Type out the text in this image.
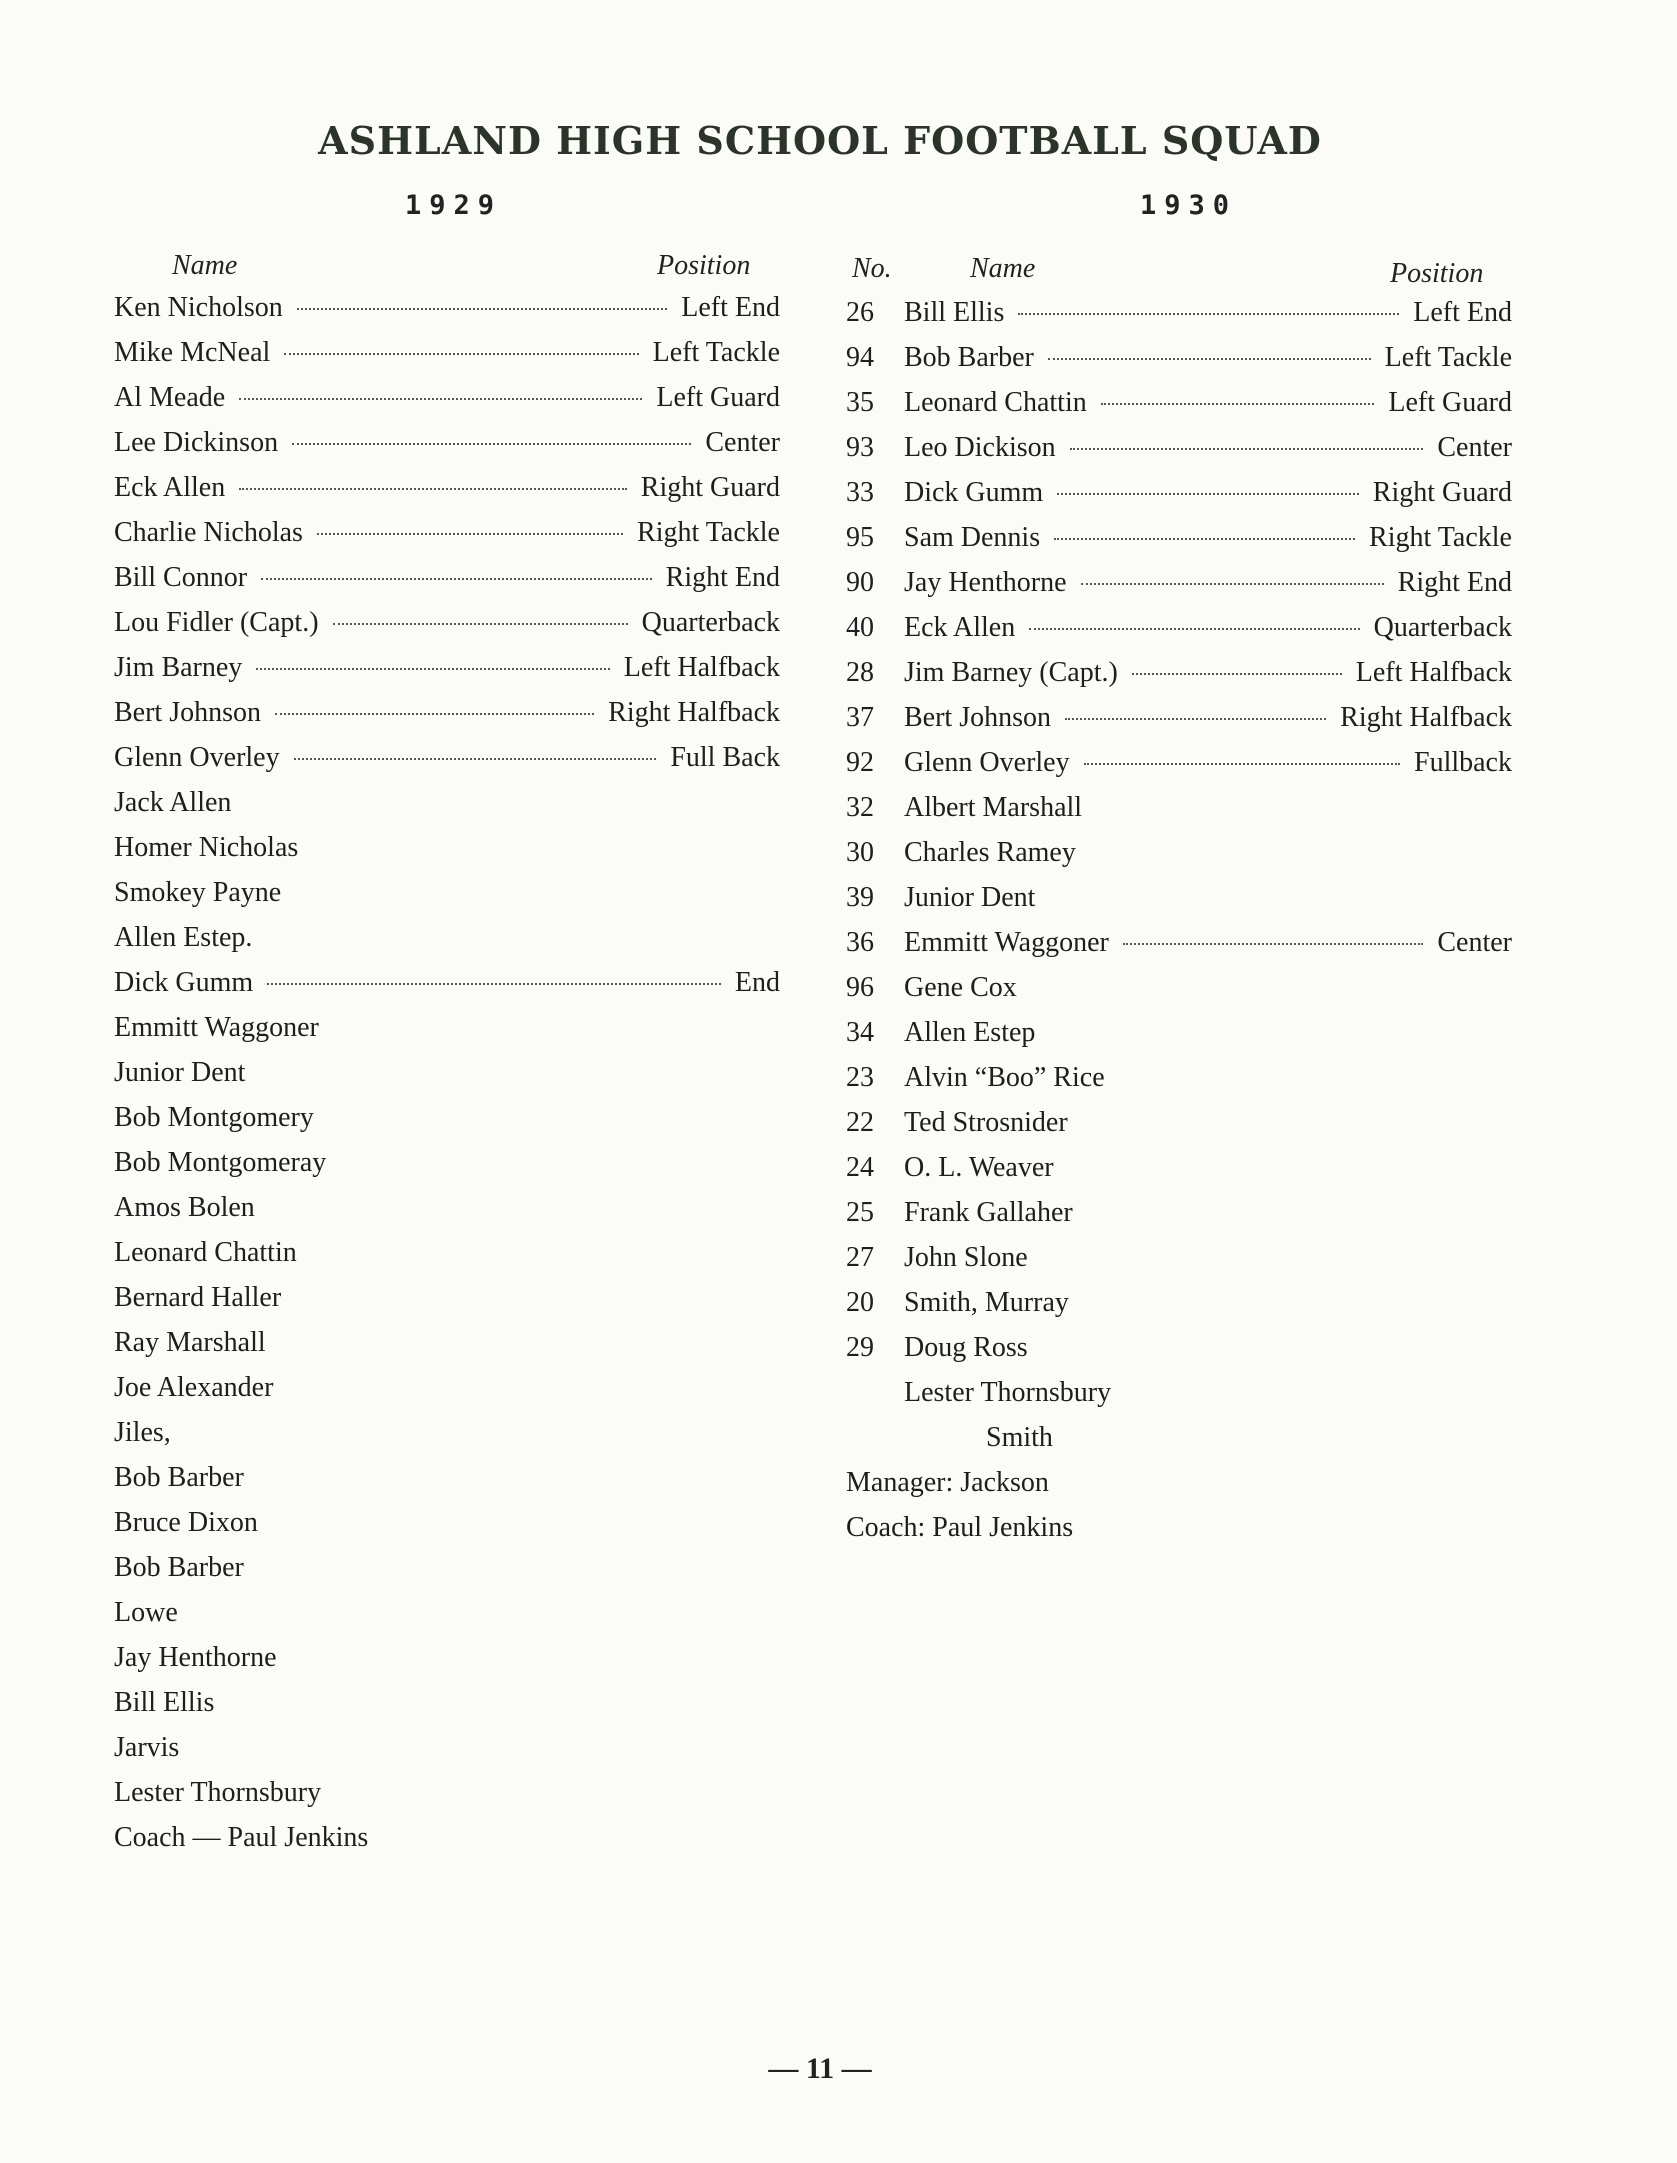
ASHLAND HIGH SCHOOL FOOTBALL SQUAD
1929	1930
Name	Position	No.	Name	Position
Ken Nicholson	Left End
Mike McNeal	Left Tackle
Al Meade	Left Guard
Lee Dickinson	Center
Eck Allen	Right Guard
Charlie Nicholas	Right Tackle
Bill Connor	Right End
Lou Fidler (Capt.)	Quarterback
Jim Barney	Left Halfback
Bert Johnson	Right Halfback
Glenn Overley	Full Back
Jack Allen
Homer Nicholas
Smokey Payne
Allen Estep.
Dick Gumm	End
Emmitt Waggoner
Junior Dent
Bob Montgomery
Bob Montgomeray
Amos Bolen
Leonard Chattin
Bernard Haller
Ray Marshall
Joe Alexander
Jiles,
Bob Barber
Bruce Dixon
Bob Barber
Lowe
Jay Henthorne
Bill Ellis
Jarvis
Lester Thornsbury
Coach — Paul Jenkins
26	Bill Ellis	Left End
94	Bob Barber	Left Tackle
35	Leonard Chattin	Left Guard
93	Leo Dickison	Center
33	Dick Gumm	Right Guard
95	Sam Dennis	Right Tackle
90	Jay Henthorne	Right End
40	Eck Allen	Quarterback
28	Jim Barney (Capt.)	Left Halfback
37	Bert Johnson	Right Halfback
92	Glenn Overley	Fullback
32	Albert Marshall
30	Charles Ramey
39	Junior Dent
36	Emmitt Waggoner	Center
96	Gene Cox
34	Allen Estep
23	Alvin “Boo” Rice
22	Ted Strosnider
24	O. L. Weaver
25	Frank Gallaher
27	John Slone
20	Smith, Murray
29	Doug Ross
Lester Thornsbury
Smith
Manager: Jackson
Coach: Paul Jenkins
— 11 —
